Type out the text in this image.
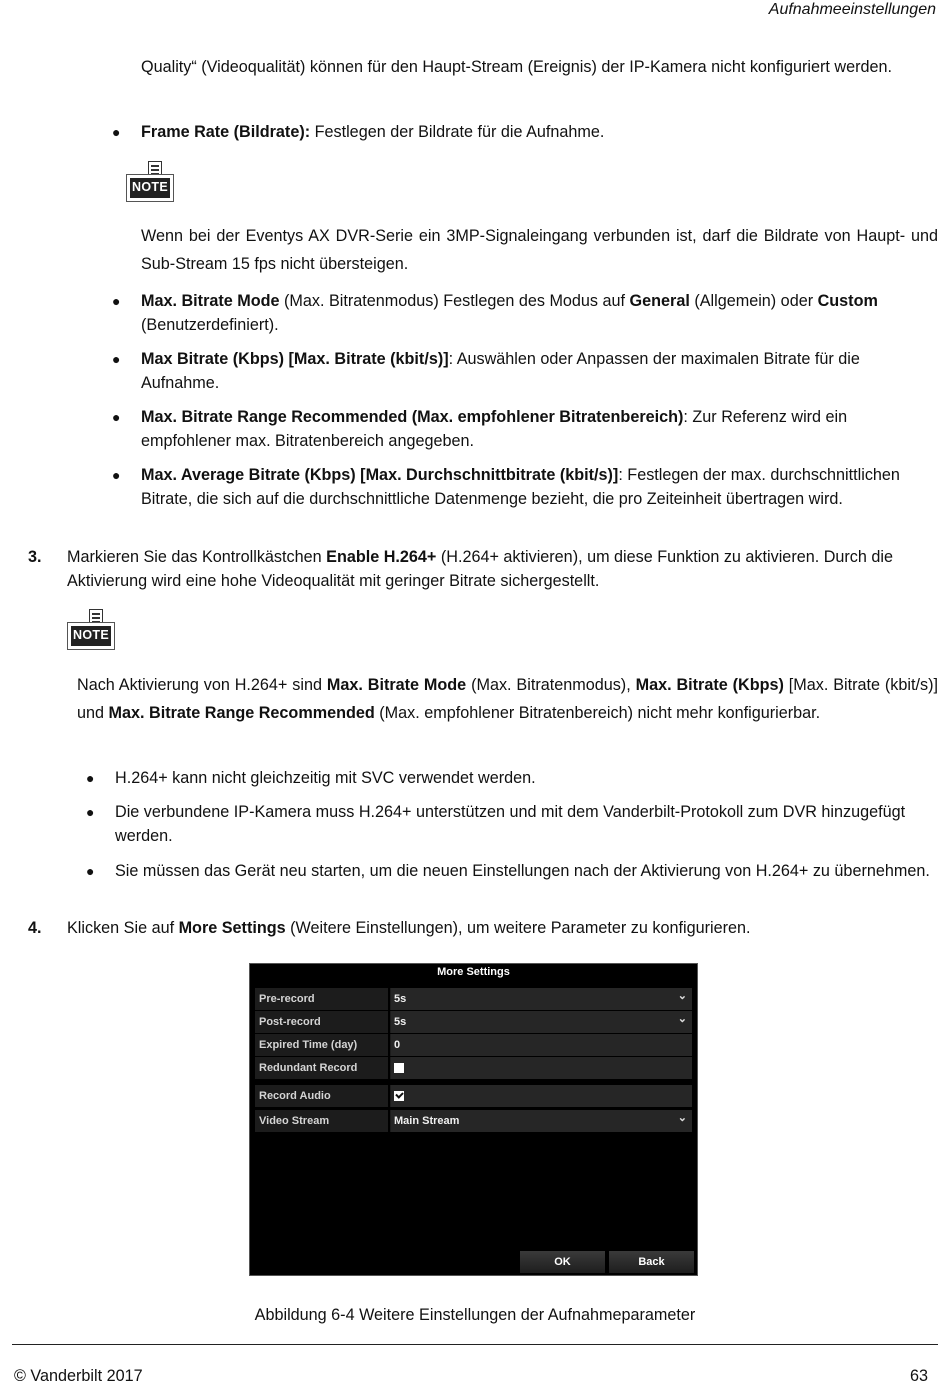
Aufnahmeeinstellungen
Quality“ (Videoqualität) können für den Haupt-Stream (Ereignis) der IP-Kamera nicht konfiguriert werden.
● Frame Rate (Bildrate): Festlegen der Bildrate für die Aufnahme.
NOTE
Wenn bei der Eventys AX DVR-Serie ein 3MP-Signaleingang verbunden ist, darf die Bildrate von Haupt- und Sub-Stream 15 fps nicht übersteigen.
● Max. Bitrate Mode (Max. Bitratenmodus) Festlegen des Modus auf General (Allgemein) oder Custom (Benutzerdefiniert).
● Max Bitrate (Kbps) [Max. Bitrate (kbit/s)]: Auswählen oder Anpassen der maximalen Bitrate für die Aufnahme.
● Max. Bitrate Range Recommended (Max. empfohlener Bitratenbereich): Zur Referenz wird ein empfohlener max. Bitratenbereich angegeben.
● Max. Average Bitrate (Kbps) [Max. Durchschnittbitrate (kbit/s)]: Festlegen der max. durchschnittlichen Bitrate, die sich auf die durchschnittliche Datenmenge bezieht, die pro Zeiteinheit übertragen wird.
3. Markieren Sie das Kontrollkästchen Enable H.264+ (H.264+ aktivieren), um diese Funktion zu aktivieren. Durch die Aktivierung wird eine hohe Videoqualität mit geringer Bitrate sichergestellt.
NOTE
Nach Aktivierung von H.264+ sind Max. Bitrate Mode (Max. Bitratenmodus), Max. Bitrate (Kbps) [Max. Bitrate (kbit/s)] und Max. Bitrate Range Recommended (Max. empfohlener Bitratenbereich) nicht mehr konfigurierbar.
● H.264+ kann nicht gleichzeitig mit SVC verwendet werden.
● Die verbundene IP-Kamera muss H.264+ unterstützen und mit dem Vanderbilt-Protokoll zum DVR hinzugefügt werden.
● Sie müssen das Gerät neu starten, um die neuen Einstellungen nach der Aktivierung von H.264+ zu übernehmen.
4. Klicken Sie auf More Settings (Weitere Einstellungen), um weitere Parameter zu konfigurieren.
More Settings
Pre-record	5s	⌄
Post-record	5s	⌄
Expired Time (day)	0
Redundant Record
Record Audio
Video Stream	Main Stream	⌄
OK	Back
Abbildung 6-4 Weitere Einstellungen der Aufnahmeparameter
© Vanderbilt 2017	63
